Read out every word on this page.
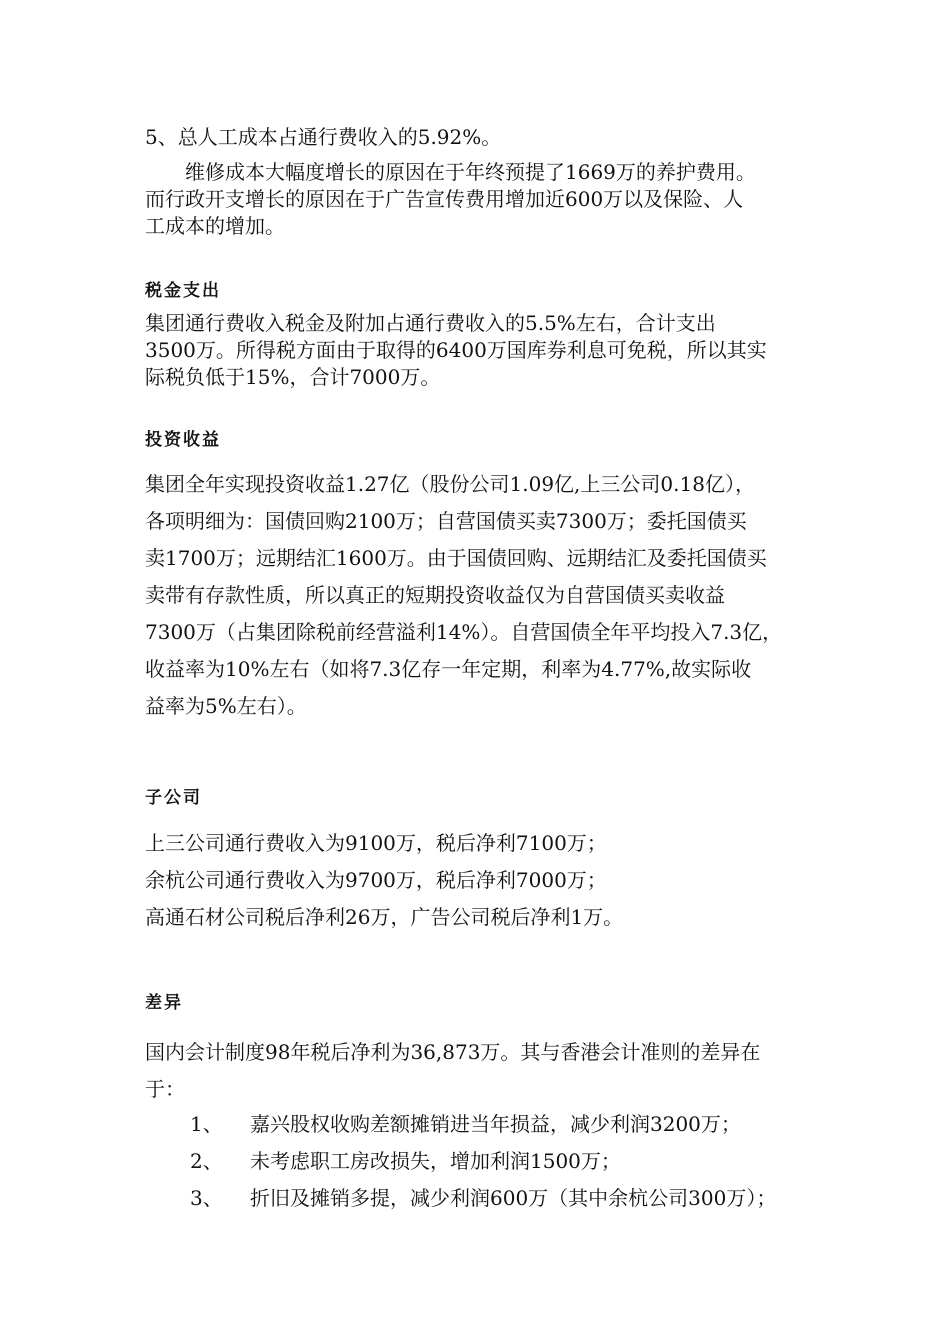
5、总人工成本占通行费收入的5.92%。
　　维修成本大幅度增长的原因在于年终预提了1669万的养护费用。
而行政开支增长的原因在于广告宣传费用增加近600万以及保险、人
工成本的增加。
税金支出
集团通行费收入税金及附加占通行费收入的5.5%左右，合计支出
3500万。所得税方面由于取得的6400万国库券利息可免税，所以其实
际税负低于15%，合计7000万。
投资收益
集团全年实现投资收益1.27亿（股份公司1.09亿,上三公司0.18亿），
各项明细为：国债回购2100万；自营国债买卖7300万；委托国债买
卖1700万；远期结汇1600万。由于国债回购、远期结汇及委托国债买
卖带有存款性质，所以真正的短期投资收益仅为自营国债买卖收益
7300万（占集团除税前经营溢利14%）。自营国债全年平均投入7.3亿，
收益率为10%左右（如将7.3亿存一年定期，利率为4.77%,故实际收
益率为5%左右）。
子公司
上三公司通行费收入为9100万，税后净利7100万；
余杭公司通行费收入为9700万，税后净利7000万；
高通石材公司税后净利26万，广告公司税后净利1万。
差异
国内会计制度98年税后净利为36,873万。其与香港会计准则的差异在
于：
1、 嘉兴股权收购差额摊销进当年损益，减少利润3200万；
2、 未考虑职工房改损失，增加利润1500万；
3、 折旧及摊销多提，减少利润600万（其中余杭公司300万）；
